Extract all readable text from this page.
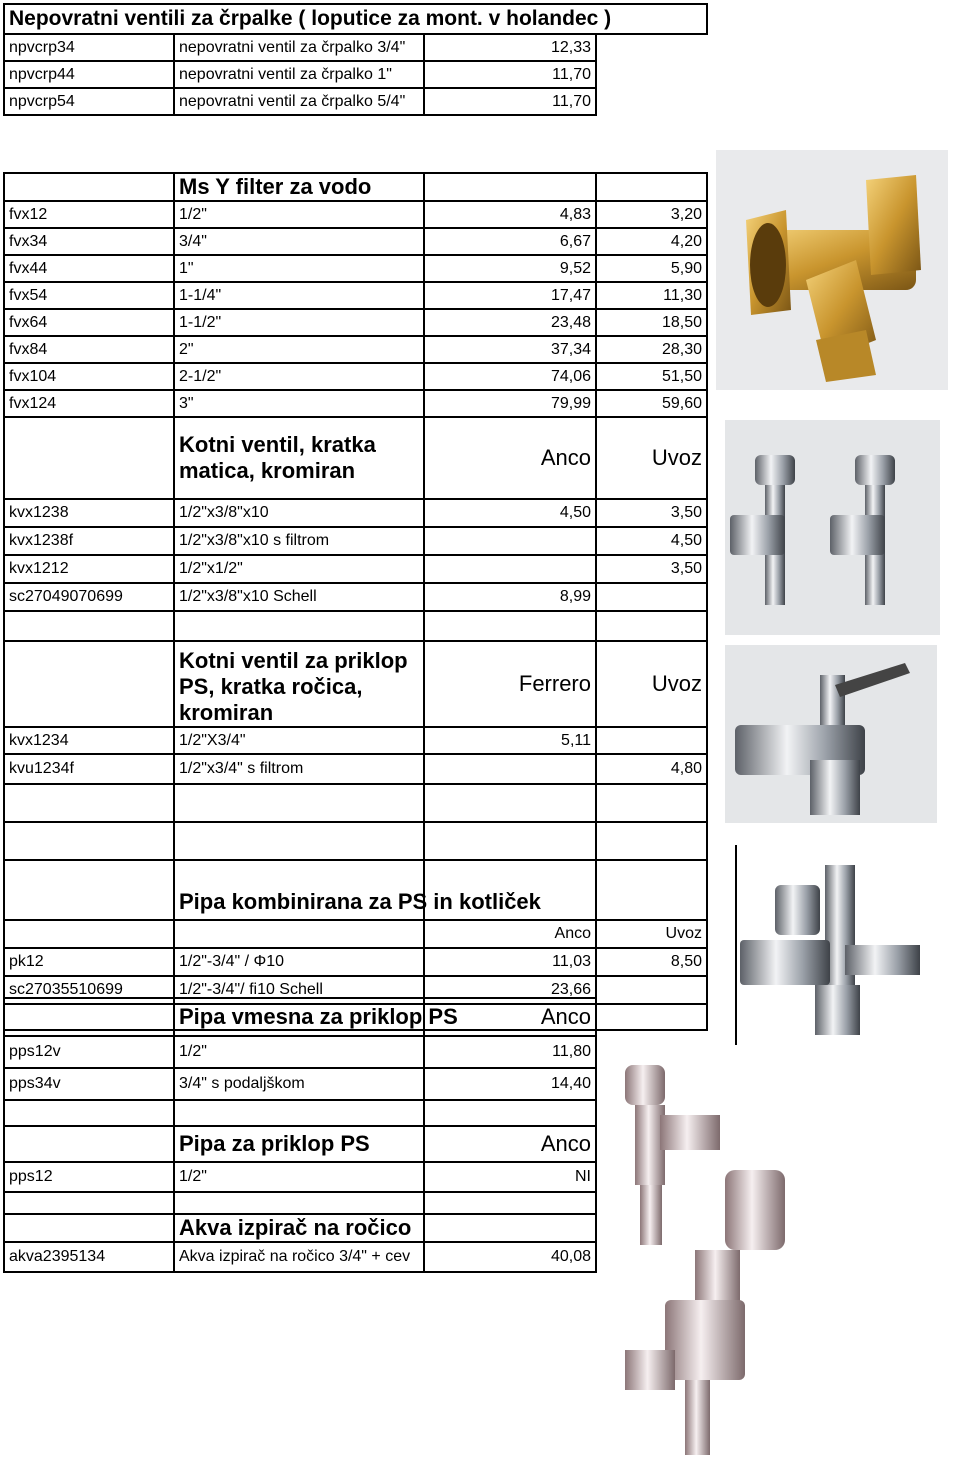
Nepovratni ventili za črpalke ( loputice za mont. v holandec )			
npvcrp34	nepovratni ventil za črpalko 3/4"	12,33	
npvcrp44	nepovratni ventil za črpalko 1"	11,70	
npvcrp54	nepovratni ventil za črpalko 5/4"	11,70	
	Ms Y filter za vodo		
fvx12	1/2"	4,83	3,20
fvx34	3/4"	6,67	4,20
fvx44	1"	9,52	5,90
fvx54	1-1/4"	17,47	11,30
fvx64	1-1/2"	23,48	18,50
fvx84	2"	37,34	28,30
fvx104	2-1/2"	74,06	51,50
fvx124	3"	79,99	59,60
	Kotni ventil, kratka matica, kromiran	Anco	Uvoz
kvx1238	1/2"x3/8"x10	4,50	3,50
kvx1238f	1/2"x3/8"x10 s filtrom		4,50
kvx1212	1/2"x1/2"		3,50
sc27049070699	1/2"x3/8"x10 Schell	8,99	

	Kotni ventil za priklop PS, kratka ročica, kromiran	Ferrero	Uvoz
kvx1234	1/2"X3/4"	5,11	
kvu1234f	1/2"x3/4" s filtrom		4,80

	Pipa kombinirana za PS in kotliček		
		Anco	Uvoz
pk12	1/2"-3/4" / Φ10	11,03	8,50
sc27035510699	1/2"-3/4"/ fi10 Schell	23,66	

	Pipa vmesna za priklop PS	Anco
pps12v	1/2"	11,80
pps34v	3/4" s podaljškom	14,40

	Pipa za priklop PS	Anco
pps12	1/2"	NI

	Akva izpirač na ročico	
akva2395134	Akva izpirač na ročico 3/4" + cev	40,08
